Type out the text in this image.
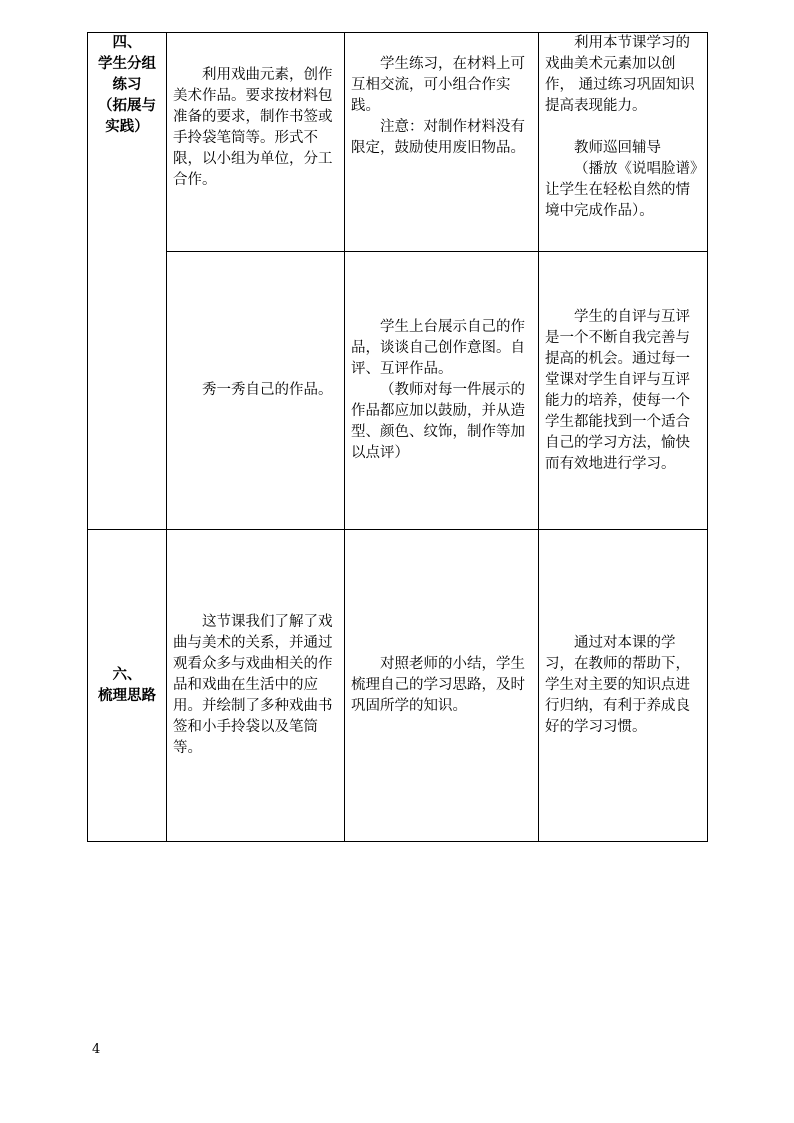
四、
学生分组
练习
（拓展与
实践）	利用戏曲元素，创作美术作品。要求按材料包准备的要求，制作书签或手拎袋笔筒等。形式不限，以小组为单位，分工合作。	学生练习，在材料上可互相交流，可小组合作实践。
注意：对制作材料没有限定，鼓励使用废旧物品。	利用本节课学习的戏曲美术元素加以创作， 通过练习巩固知识提高表现能力。
教师巡回辅导
（播放《说唱脸谱》让学生在轻松自然的情境中完成作品）。

	秀一秀自己的作品。	学生上台展示自己的作品，谈谈自己创作意图。自评、互评作品。
（教师对每一件展示的作品都应加以鼓励，并从造型、颜色、纹饰，制作等加以点评）	学生的自评与互评是一个不断自我完善与提高的机会。通过每一堂课对学生自评与互评能力的培养，使每一个学生都能找到一个适合自己的学习方法，愉快而有效地进行学习。

六、
梳理思路	这节课我们了解了戏曲与美术的关系，并通过观看众多与戏曲相关的作品和戏曲在生活中的应用。并绘制了多种戏曲书签和小手拎袋以及笔筒等。	对照老师的小结，学生梳理自己的学习思路，及时巩固所学的知识。	通过对本课的学习，在教师的帮助下，学生对主要的知识点进行归纳，有利于养成良好的学习习惯。
4
